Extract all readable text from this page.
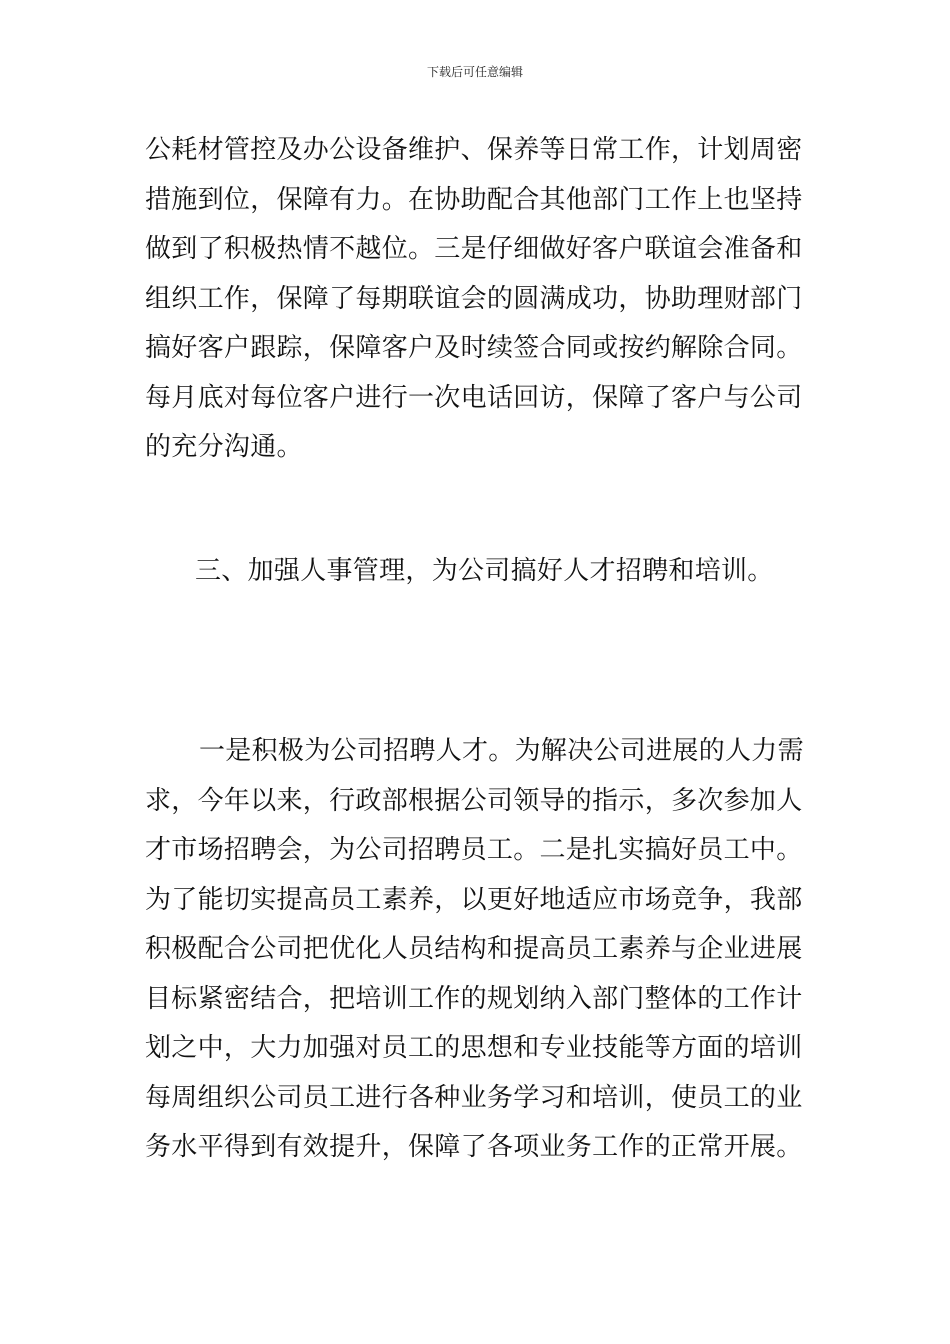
下载后可任意编辑
公耗材管控及办公设备维护、保养等日常工作，计划周密
措施到位，保障有力。在协助配合其他部门工作上也坚持
做到了积极热情不越位。三是仔细做好客户联谊会准备和
组织工作，保障了每期联谊会的圆满成功，协助理财部门
搞好客户跟踪，保障客户及时续签合同或按约解除合同。
每月底对每位客户进行一次电话回访，保障了客户与公司
的充分沟通。
三、加强人事管理，为公司搞好人才招聘和培训。
一是积极为公司招聘人才。为解决公司进展的人力需
求，今年以来，行政部根据公司领导的指示，多次参加人
才市场招聘会，为公司招聘员工。二是扎实搞好员工中。
为了能切实提高员工素养，以更好地适应市场竞争，我部
积极配合公司把优化人员结构和提高员工素养与企业进展
目标紧密结合，把培训工作的规划纳入部门整体的工作计
划之中，大力加强对员工的思想和专业技能等方面的培训
每周组织公司员工进行各种业务学习和培训，使员工的业
务水平得到有效提升，保障了各项业务工作的正常开展。
